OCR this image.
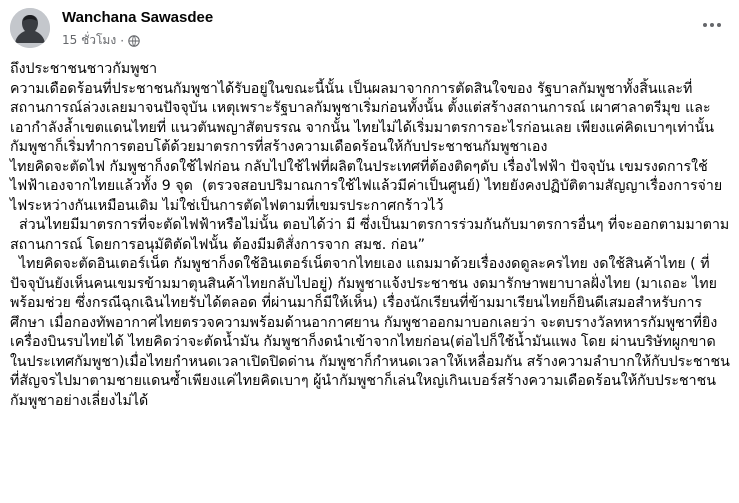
Wanchana Sawasdee
15 ชั่วโมง ·

ถึงประชาชนชาวกัมพูชา

ความเดือดร้อนที่ประชาชนกัมพูชาได้รับอยู่ในขณะนี้นั้น เป็นผลมาจากการตัดสินใจของ รัฐบาลกัมพูชาทั้งสิ้นและที่สถานการณ์ล่วงเลยมาจนปัจจุบัน เหตุเพราะรัฐบาลกัมพูชาเริ่มก่อนทั้งนั้น ตั้งแต่สร้างสถานการณ์ เผาศาลาตรีมุข และ เอากำลังล้ำเขตแดนไทยที่ แนวตันพญาสัตบรรณ จากนั้น ไทยไม่ได้เริ่มมาตรการอะไรก่อนเลย เพียงแค่คิดเบาๆเท่านั้น กัมพูชาก็เริ่มทำการตอบโต้ด้วยมาตรการที่สร้างความเดือดร้อนให้กับประชาชนกัมพูชาเอง

ไทยคิดจะตัดไฟ กัมพูชาก็งดใช้ไฟก่อน กลับไปใช้ไฟที่ผลิตในประเทศที่ต้องติดๆดับ เรื่องไฟฟ้า ปัจจุบัน เขมรงดการใช้ไฟฟ้าเองจากไทยแล้วทั้ง 9 จุด  (ตรวจสอบปริมาณการใช้ไฟแล้วมีค่าเป็นศูนย์) ไทยยังคงปฏิบัติตามสัญญาเรื่องการจ่ายไฟระหว่างกันเหมือนเดิม ไม่ใช่เป็นการตัดไฟตามที่เขมรประกาศกร้าวไว้

ส่วนไทยมีมาตรการที่จะตัดไฟฟ้าหรือไม่นั้น ตอบได้ว่า มี ซึ่งเป็นมาตรการร่วมกันกับมาตรการอื่นๆ ที่จะออกตามมาตามสถานการณ์ โดยการอนุมัติตัดไฟนั้น ต้องมีมติสั่งการจาก สมช. ก่อน”

ไทยคิดจะตัดอินเตอร์เน็ต กัมพูชาก็งดใช้อินเตอร์เน็ตจากไทยเอง แถมมาด้วยเรื่องงดดูละครไทย งดใช้สินค้าไทย ( ที่ปัจจุบันยังเห็นคนเขมรข้ามมาตุนสินค้าไทยกลับไปอยู่) กัมพูชาแจ้งประชาชน งดมารักษาพยาบาลฝั่งไทย (มาเถอะ ไทยพร้อมช่วย ซึ่งกรณีฉุกเฉินไทยรับได้ตลอด ที่ผ่านมาก็มีให้เห็น) เรื่องนักเรียนที่ข้ามมาเรียนไทยก็ยินดีเสมอสำหรับการศึกษา เมื่อกองทัพอากาศไทยตรวจความพร้อมด้านอากาศยาน กัมพูชาออกมาบอกเลยว่า จะตบรางวัลทหารกัมพูชาที่ยิงเครื่องบินรบไทยได้ ไทยคิดว่าจะตัดน้ำมัน กัมพูชาก็งดนำเข้าจากไทยก่อน(ต่อไปก็ใช้น้ำมันแพง โดย ผ่านบริษัทผูกขาดในประเทศกัมพูชา)เมื่อไทยกำหนดเวลาเปิดปิดด่าน กัมพูชาก็กำหนดเวลาให้เหลื่อมกัน สร้างความลำบากให้กับประชาชนที่สัญจรไปมาตามชายแดนซ้ำเพียงแค่ไทยคิดเบาๆ ผู้นำกัมพูชาก็เล่นใหญ่เกินเบอร์สร้างความเดือดร้อนให้กับประชาชนกัมพูชาอย่างเลี่ยงไม่ได้
